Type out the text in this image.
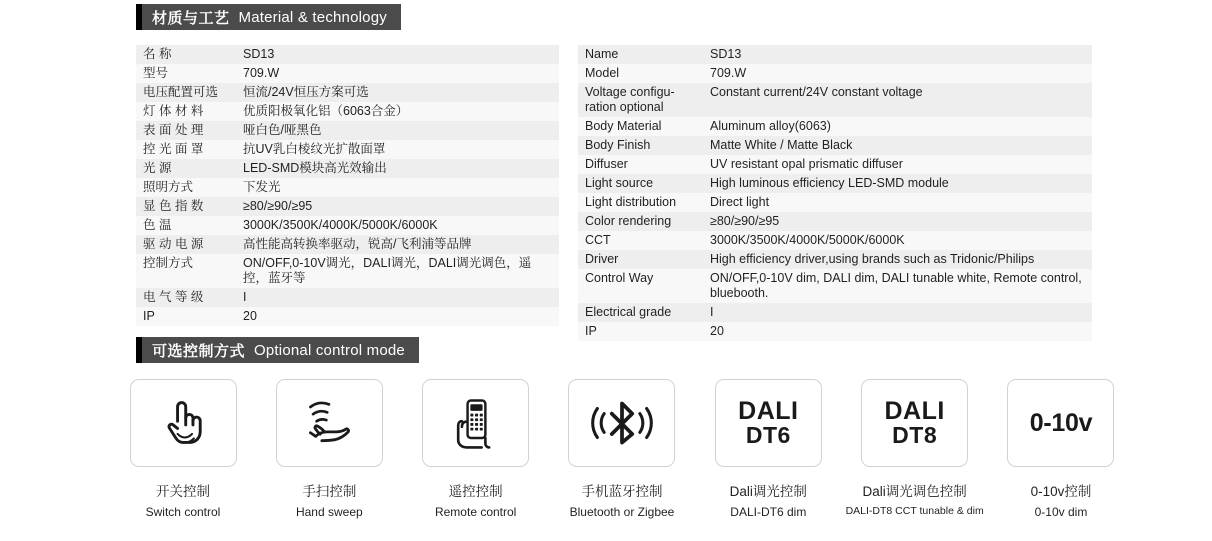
材质与工艺 Material & technology
名 称	SD13
型号	709.W
电压配置可选	恒流/24V恒压方案可选
灯 体 材 料	优质阳极氧化铝（6063合金）
表 面 处 理	哑白色/哑黑色
控 光 面 罩	抗UV乳白棱纹光扩散面罩
光 源	LED-SMD模块高光效输出
照明方式	下发光
显 色 指 数	≥80/≥90/≥95
色 温	3000K/3500K/4000K/5000K/6000K
驱 动 电 源	高性能高转换率驱动，锐高/飞利浦等品牌
控制方式	ON/OFF,0-10V调光，DALI调光，DALI调光调色，遥控，蓝牙等
电 气 等 级	I
IP	20
Name	SD13
Model	709.W
Voltage configu-ration optional	Constant current/24V constant voltage
Body Material	Aluminum alloy(6063)
Body Finish	Matte White / Matte Black
Diffuser	UV resistant opal prismatic diffuser
Light source	High luminous efficiency LED-SMD module
Light distribution	Direct light
Color rendering	≥80/≥90/≥95
CCT	3000K/3500K/4000K/5000K/6000K
Driver	High efficiency driver,using brands such as Tridonic/Philips
Control Way	ON/OFF,0-10V dim, DALI dim, DALI tunable white, Remote control, bluebooth.
Electrical grade	I
IP	20
可选控制方式 Optional control mode
开关控制
Switch control
手扫控制
Hand sweep
遥控控制
Remote control
手机蓝牙控制
Bluetooth or Zigbee
DALI
DT6
Dali调光控制
DALI-DT6 dim
DALI
DT8
Dali调光调色控制
DALI-DT8 CCT tunable & dim
0-10v
0-10v控制
0-10v dim
